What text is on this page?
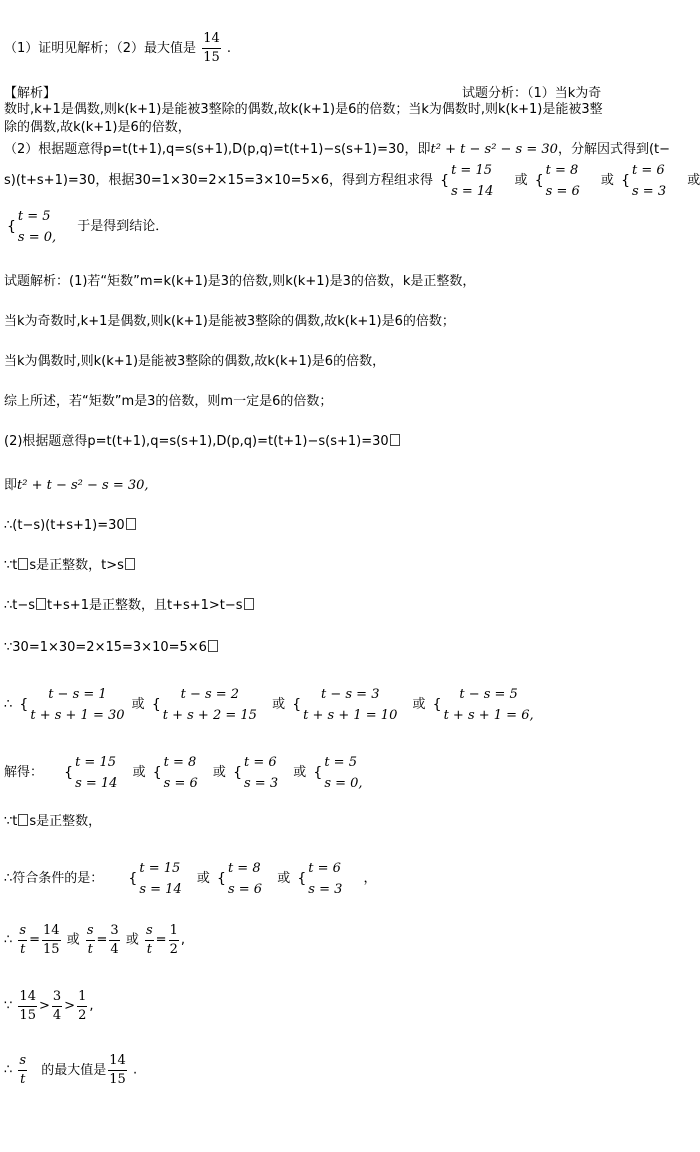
（1）证明见解析；（2）最大值是 $\frac{14}{15}$ .
【解析】	试题分析：（1）当k为奇
数时,k+1是偶数,则k(k+1)是能被3整除的偶数,故k(k+1)是6的倍数；当k为偶数时,则k(k+1)是能被3整
除的偶数,故k(k+1)是6的倍数，
（2）根据题意得p=t(t+1),q=s(s+1),D(p,q)=t(t+1)−s(s+1)=30，即t² + t − s² − s = 30，分解因式得到(t−
s)(t+s+1)=30，根据30=1×30=2×15=3×10=5×6，得到方程组求得 {
t = 15
s = 14
或 {
t = 8
s = 6
或 {
t = 6
s = 3
或
{
t = 5
s = 0,
于是得到结论．
试题解析：(1)若“矩数”m=k(k+1)是3的倍数,则k(k+1)是3的倍数，k是正整数，
当k为奇数时,k+1是偶数,则k(k+1)是能被3整除的偶数,故k(k+1)是6的倍数；
当k为偶数时,则k(k+1)是能被3整除的偶数,故k(k+1)是6的倍数，
综上所述，若“矩数”m是3的倍数，则m一定是6的倍数；
(2)根据题意得p=t(t+1),q=s(s+1),D(p,q)=t(t+1)−s(s+1)=30
即t² + t − s² − s = 30,
∴(t−s)(t+s+1)=30
∵t s是正整数，t>s
∴t−s t+s+1是正整数，且t+s+1>t−s
∵30=1×30=2×15=3×10=5×6
∴ {
t − s = 1
t + s + 1 = 30
或 {
t − s = 2
t + s + 2 = 15
或 {
t − s = 3
t + s + 1 = 10
或 {
t − s = 5
t + s + 1 = 6,
解得： {
t = 15
s = 14
或 {
t = 8
s = 6
或 {
t = 6
s = 3
或 {
t = 5
s = 0,
∵t s是正整数，
∴符合条件的是： {
t = 15
s = 14
或 {
t = 8
s = 6
或 {
t = 6
s = 3
，
∴ $\frac{s}{t} = \frac{14}{15}$ 或 $\frac{s}{t} = \frac{3}{4}$ 或 $\frac{s}{t} = \frac{1}{2}$ ,
∵ $\frac{14}{15} > \frac{3}{4} > \frac{1}{2}$ ,
∴ $\frac{s}{t}$ 的最大值是 $\frac{14}{15}$ .
